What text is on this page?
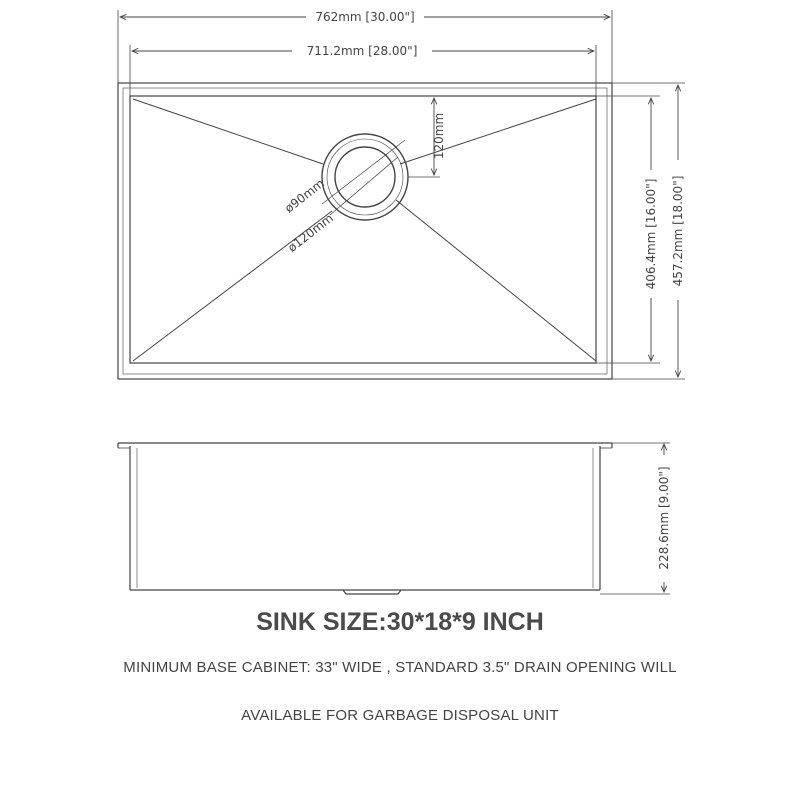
762mm [30.00"]
711.2mm [28.00"]
120mm
ø90mm
ø120mm	406.4mm [16.00"] 457.2mm [18.00"]
228.6mm [9.00"]
SINK SIZE:30*18*9 INCH
MINIMUM BASE CABINET: 33" WIDE , STANDARD 3.5" DRAIN OPENING WILL
AVAILABLE FOR GARBAGE DISPOSAL UNIT
